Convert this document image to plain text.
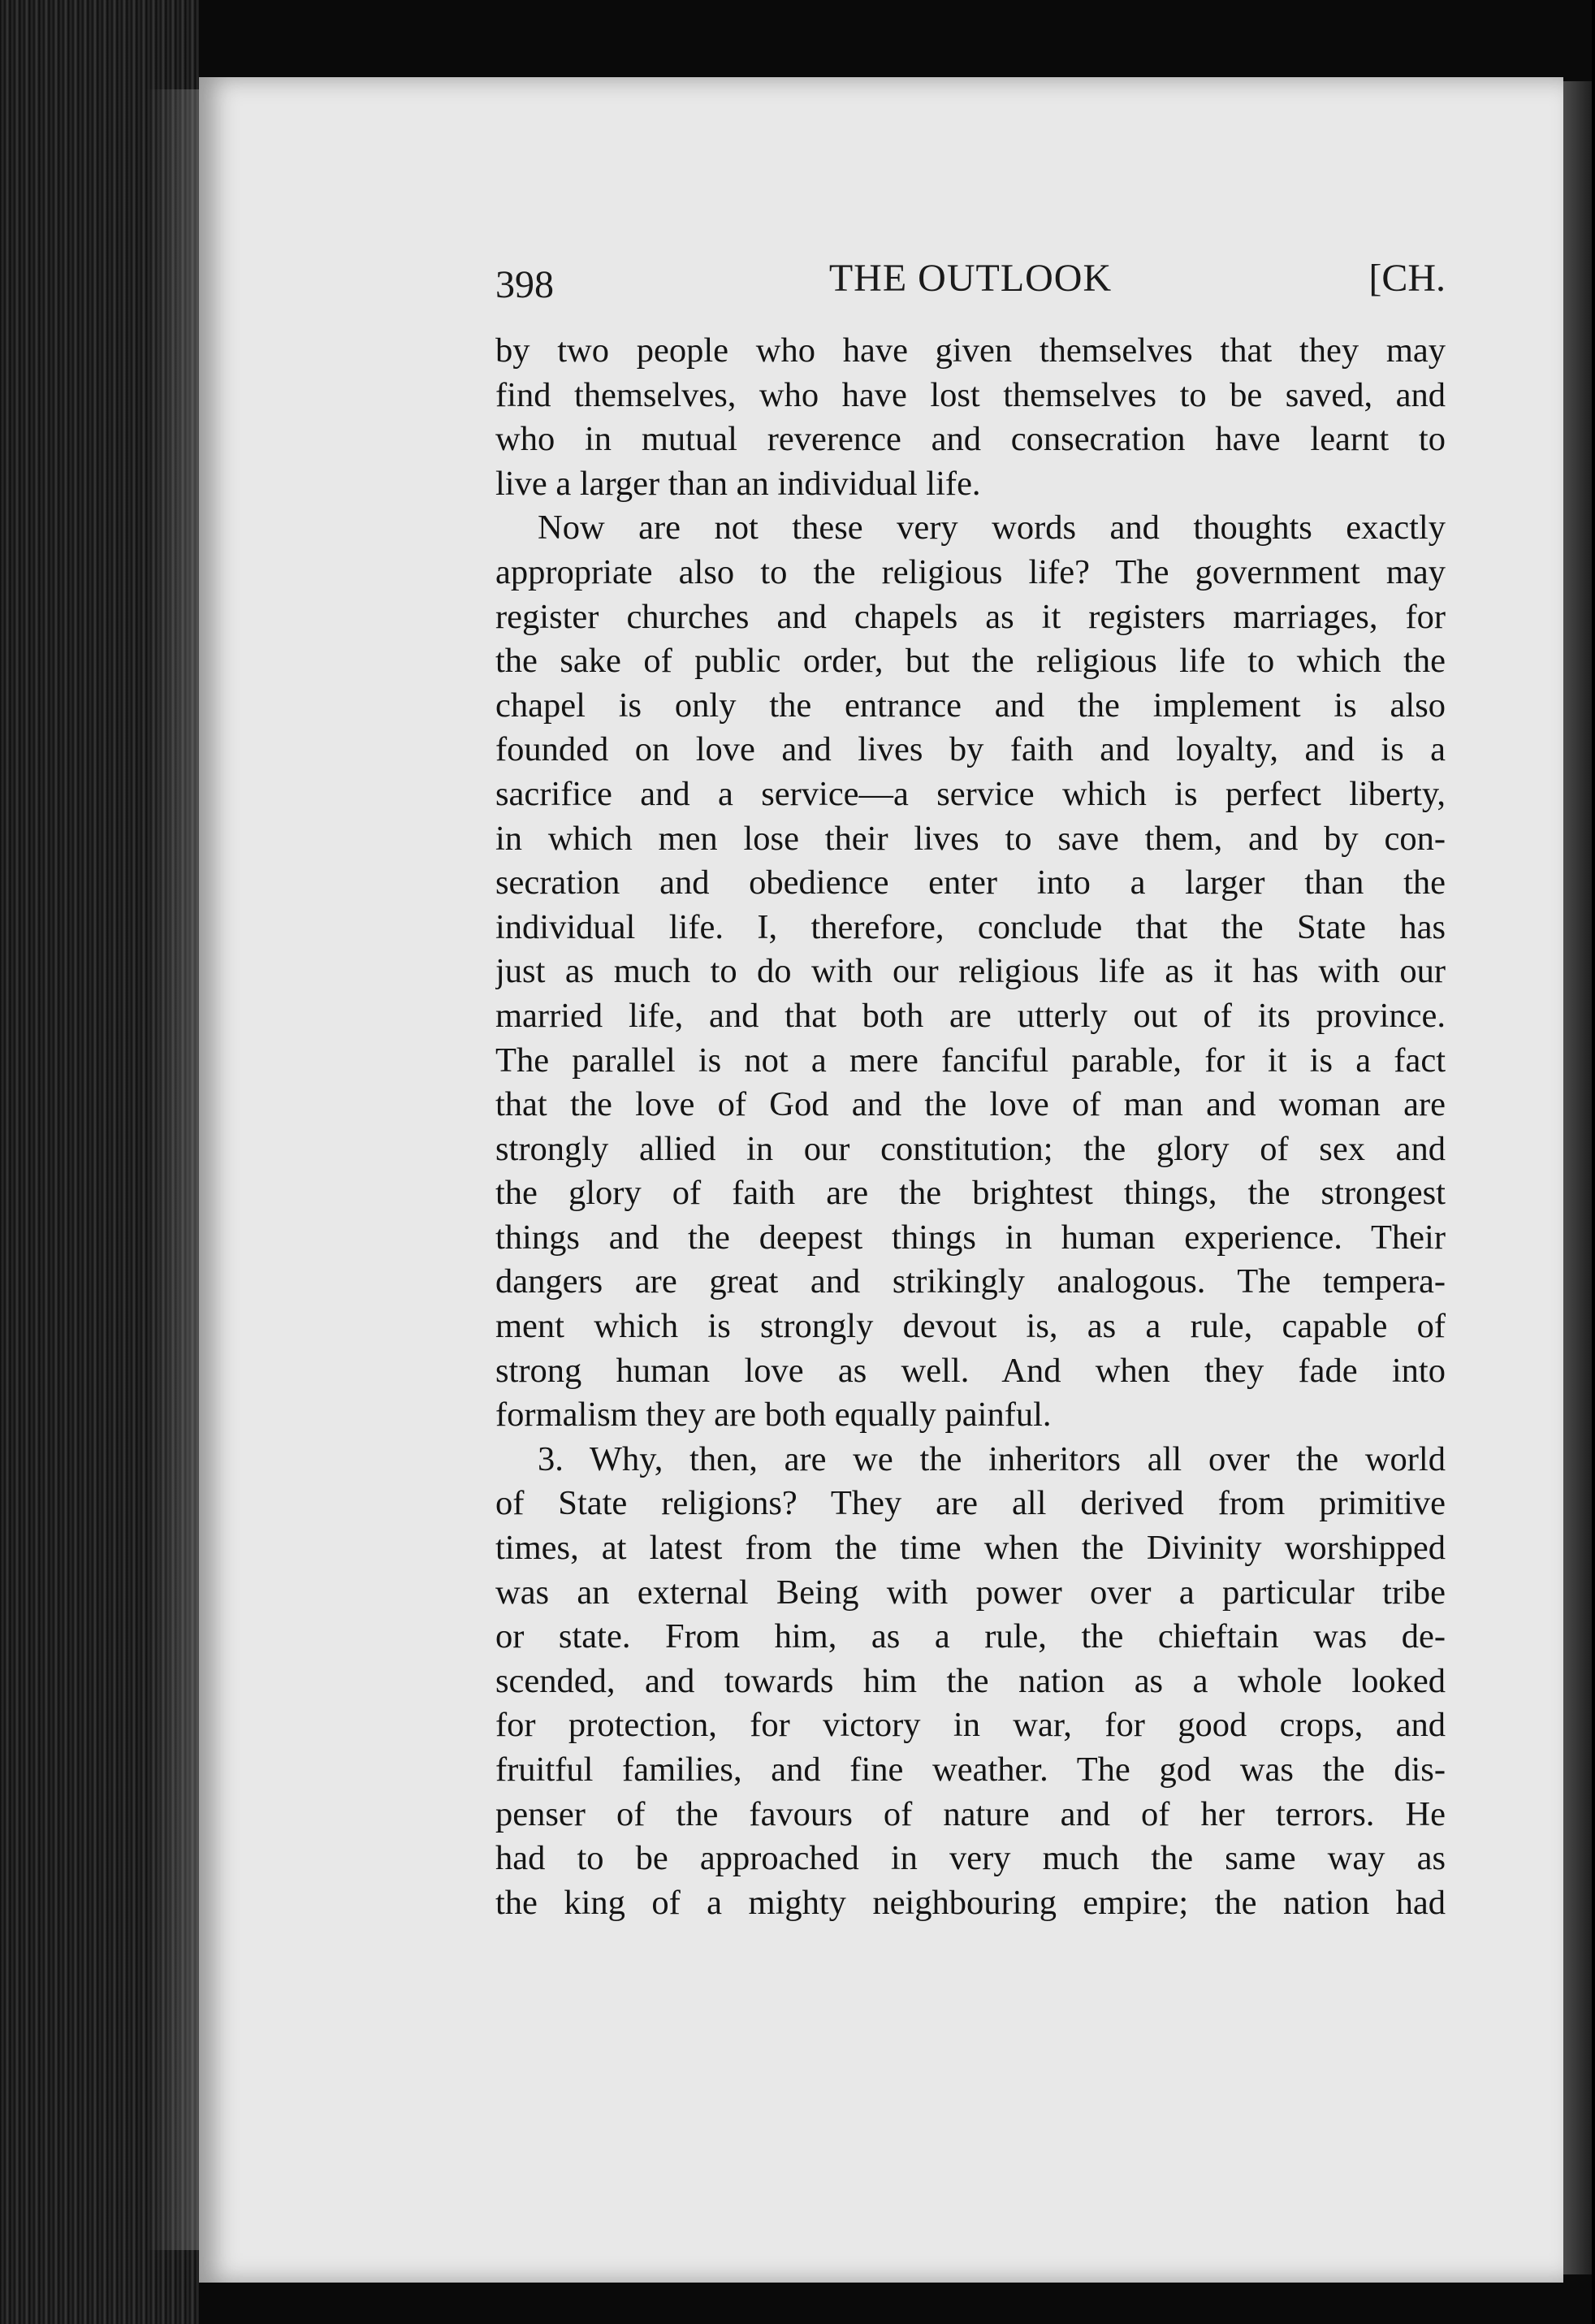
398	THE OUTLOOK	[CH.
by two people who have given themselves that they may
find themselves, who have lost themselves to be saved, and
who in mutual reverence and consecration have learnt to
live a larger than an individual life.
Now are not these very words and thoughts exactly
appropriate also to the religious life? The government may
register churches and chapels as it registers marriages, for
the sake of public order, but the religious life to which the
chapel is only the entrance and the implement is also
founded on love and lives by faith and loyalty, and is a
sacrifice and a service—a service which is perfect liberty,
in which men lose their lives to save them, and by con-
secration and obedience enter into a larger than the
individual life. I, therefore, conclude that the State has
just as much to do with our religious life as it has with our
married life, and that both are utterly out of its province.
The parallel is not a mere fanciful parable, for it is a fact
that the love of God and the love of man and woman are
strongly allied in our constitution; the glory of sex and
the glory of faith are the brightest things, the strongest
things and the deepest things in human experience. Their
dangers are great and strikingly analogous. The tempera-
ment which is strongly devout is, as a rule, capable of
strong human love as well. And when they fade into
formalism they are both equally painful.
3. Why, then, are we the inheritors all over the world
of State religions? They are all derived from primitive
times, at latest from the time when the Divinity worshipped
was an external Being with power over a particular tribe
or state. From him, as a rule, the chieftain was de-
scended, and towards him the nation as a whole looked
for protection, for victory in war, for good crops, and
fruitful families, and fine weather. The god was the dis-
penser of the favours of nature and of her terrors. He
had to be approached in very much the same way as
the king of a mighty neighbouring empire; the nation had
